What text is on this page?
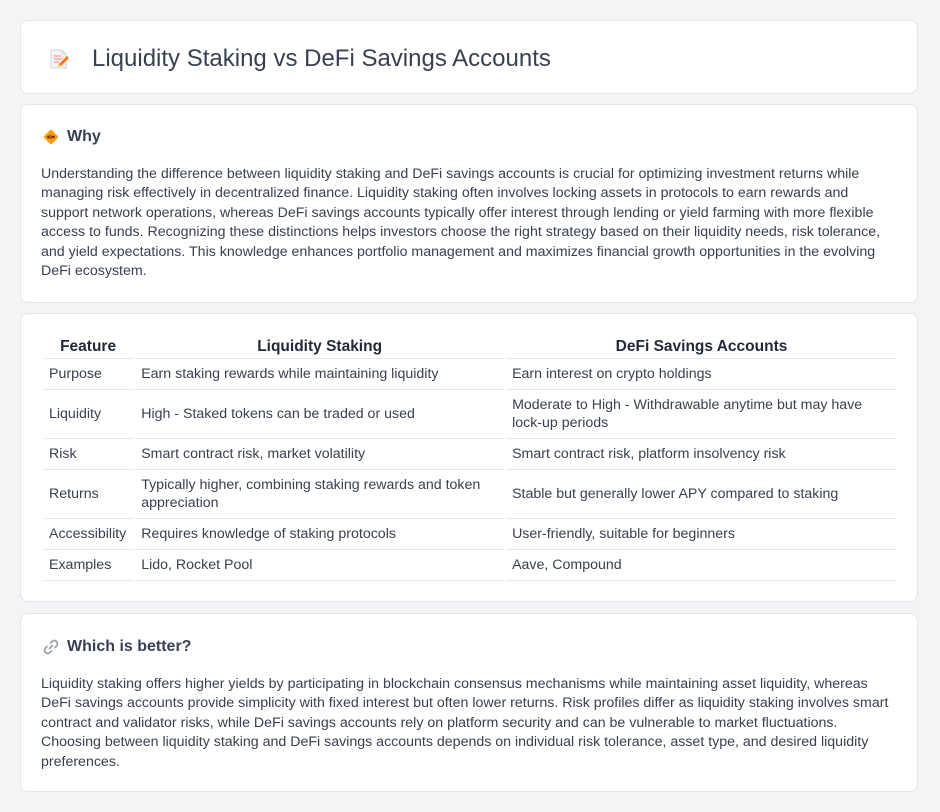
Liquidity Staking vs DeFi Savings Accounts
Why

Understanding the difference between liquidity staking and DeFi savings accounts is crucial for optimizing investment returns while managing risk effectively in decentralized finance. Liquidity staking often involves locking assets in protocols to earn rewards and support network operations, whereas DeFi savings accounts typically offer interest through lending or yield farming with more flexible access to funds. Recognizing these distinctions helps investors choose the right strategy based on their liquidity needs, risk tolerance, and yield expectations. This knowledge enhances portfolio management and maximizes financial growth opportunities in the evolving DeFi ecosystem.

Feature	Liquidity Staking	DeFi Savings Accounts
Purpose	Earn staking rewards while maintaining liquidity	Earn interest on crypto holdings
Liquidity	High - Staked tokens can be traded or used	Moderate to High - Withdrawable anytime but may have lock-up periods
Risk	Smart contract risk, market volatility	Smart contract risk, platform insolvency risk
Returns	Typically higher, combining staking rewards and token appreciation	Stable but generally lower APY compared to staking
Accessibility	Requires knowledge of staking protocols	User-friendly, suitable for beginners
Examples	Lido, Rocket Pool	Aave, Compound
Which is better?

Liquidity staking offers higher yields by participating in blockchain consensus mechanisms while maintaining asset liquidity, whereas DeFi savings accounts provide simplicity with fixed interest but often lower returns. Risk profiles differ as liquidity staking involves smart contract and validator risks, while DeFi savings accounts rely on platform security and can be vulnerable to market fluctuations. Choosing between liquidity staking and DeFi savings accounts depends on individual risk tolerance, asset type, and desired liquidity preferences.
